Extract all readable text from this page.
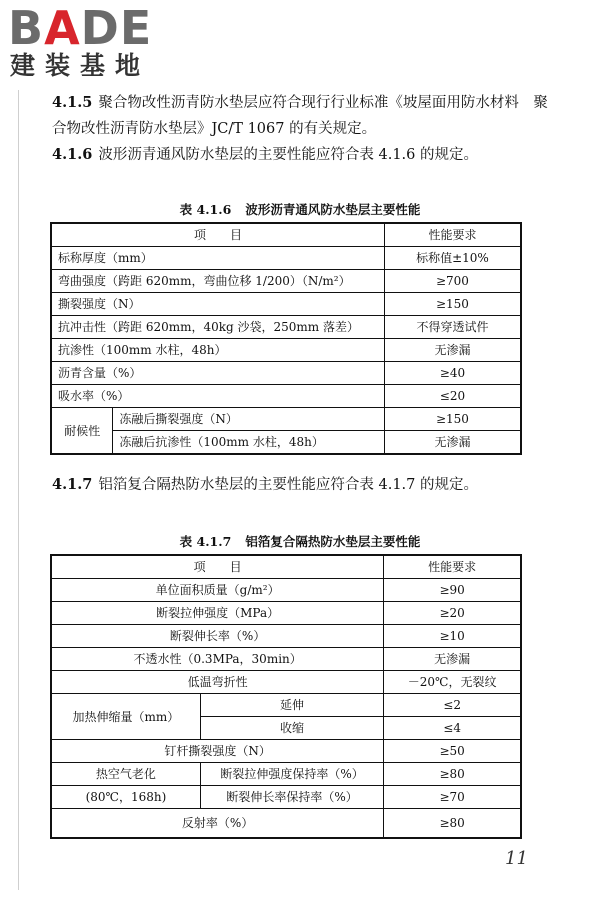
BADE
建装基地
4.1.5 聚合物改性沥青防水垫层应符合现行行业标准《坡屋面用防水材料　聚合物改性沥青防水垫层》JC/T 1067 的有关规定。
4.1.6 波形沥青通风防水垫层的主要性能应符合表 4.1.6 的规定。
表 4.1.6 波形沥青通风防水垫层主要性能
项　　目		性能要求
标称厚度（mm）		标称值±10%
弯曲强度（跨距 620mm，弯曲位移 1/200）（N/m²）		≥700
撕裂强度（N）		≥150
抗冲击性（跨距 620mm，40kg 沙袋，250mm 落差）		不得穿透试件
抗渗性（100mm 水柱，48h）		无渗漏
沥青含量（%）		≥40
吸水率（%）		≤20
耐候性	冻融后撕裂强度（N）	≥150
	冻融后抗渗性（100mm 水柱，48h）	无渗漏
4.1.7 铝箔复合隔热防水垫层的主要性能应符合表 4.1.7 的规定。
表 4.1.7 铝箔复合隔热防水垫层主要性能
项　　目		性能要求
单位面积质量（g/m²）		≥90
断裂拉伸强度（MPa）		≥20
断裂伸长率（%）		≥10
不透水性（0.3MPa，30min）		无渗漏
低温弯折性		－20℃，无裂纹
加热伸缩量（mm）	延伸	≤2
	收缩	≤4
钉杆撕裂强度（N）		≥50
热空气老化	断裂拉伸强度保持率（%）	≥80
(80℃，168h)	断裂伸长率保持率（%）	≥70
反射率（%）		≥80
11
